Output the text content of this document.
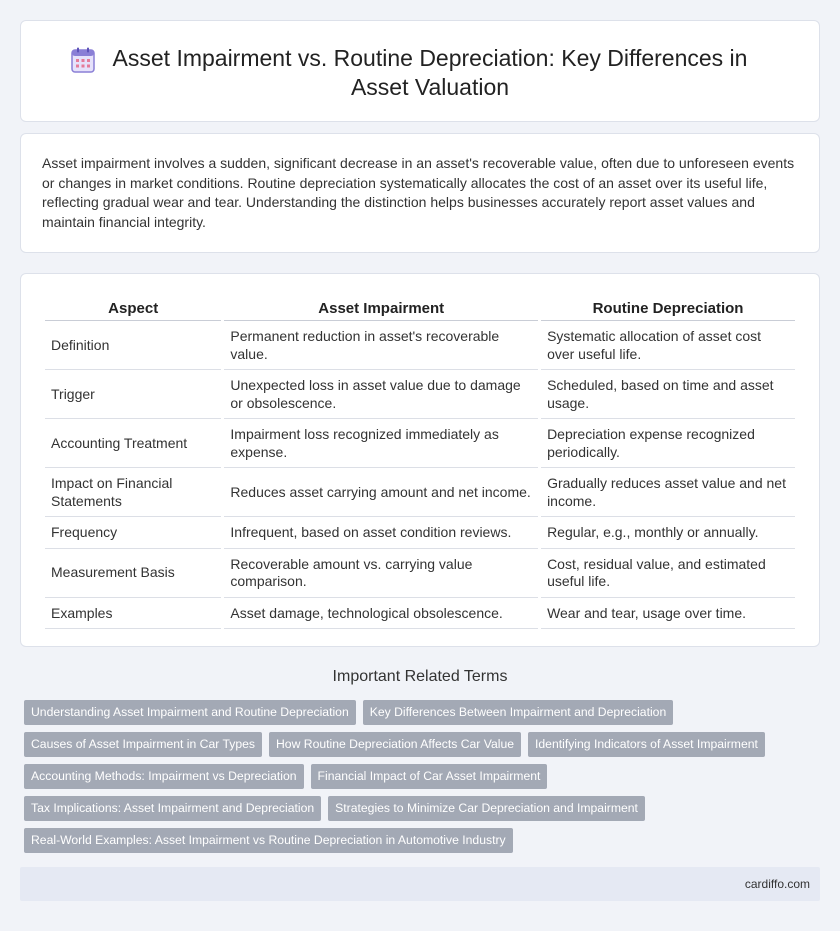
Asset Impairment vs. Routine Depreciation: Key Differences in Asset Valuation

Asset impairment involves a sudden, significant decrease in an asset's recoverable value, often due to unforeseen events or changes in market conditions. Routine depreciation systematically allocates the cost of an asset over its useful life, reflecting gradual wear and tear. Understanding the distinction helps businesses accurately report asset values and maintain financial integrity.

Aspect	Asset Impairment	Routine Depreciation
Definition	Permanent reduction in asset's recoverable value.	Systematic allocation of asset cost over useful life.
Trigger	Unexpected loss in asset value due to damage or obsolescence.	Scheduled, based on time and asset usage.
Accounting Treatment	Impairment loss recognized immediately as expense.	Depreciation expense recognized periodically.
Impact on Financial Statements	Reduces asset carrying amount and net income.	Gradually reduces asset value and net income.
Frequency	Infrequent, based on asset condition reviews.	Regular, e.g., monthly or annually.
Measurement Basis	Recoverable amount vs. carrying value comparison.	Cost, residual value, and estimated useful life.
Examples	Asset damage, technological obsolescence.	Wear and tear, usage over time.
Important Related Terms
Understanding Asset Impairment and Routine Depreciation	Key Differences Between Impairment and Depreciation
Causes of Asset Impairment in Car Types	How Routine Depreciation Affects Car Value	Identifying Indicators of Asset Impairment
Accounting Methods: Impairment vs Depreciation	Financial Impact of Car Asset Impairment
Tax Implications: Asset Impairment and Depreciation	Strategies to Minimize Car Depreciation and Impairment
Real-World Examples: Asset Impairment vs Routine Depreciation in Automotive Industry
cardiffo.com
